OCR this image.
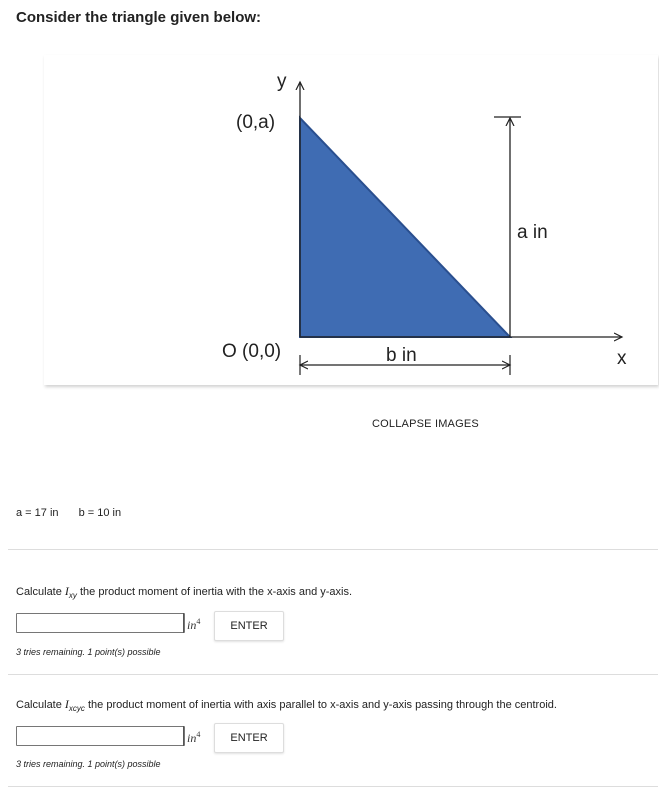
Consider the triangle given below:
y
x
(0,a)
O (0,0)	b in
a in
COLLAPSE IMAGES
a = 17 in b = 10 in
Calculate $I_{xy}$ the product moment of inertia with the x-axis and y-axis.
$in^4$	ENTER
3 tries remaining. 1 point(s) possible
Calculate $I_{xcyc}$ the product moment of inertia with axis parallel to x-axis and y-axis passing through the centroid.
$in^4$	ENTER
3 tries remaining. 1 point(s) possible
